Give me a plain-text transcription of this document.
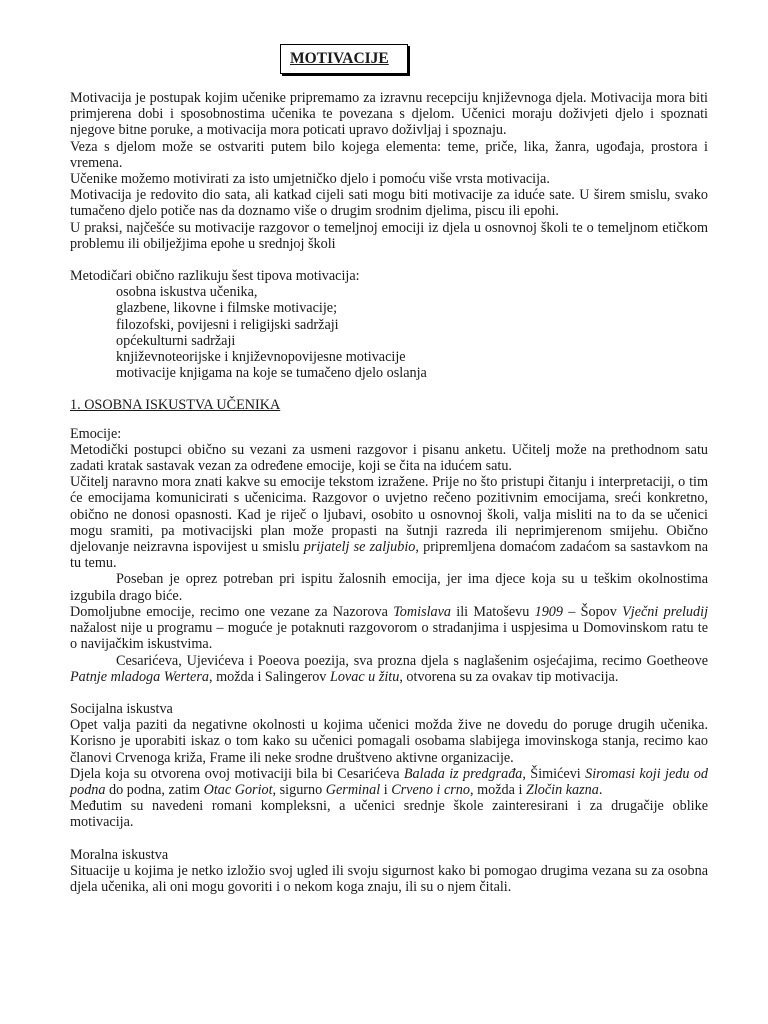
MOTIVACIJE

Motivacija je postupak kojim učenike pripremamo za izravnu recepciju književnoga djela. Motivacija mora biti primjerena dobi i sposobnostima učenika te povezana s djelom. Učenici moraju doživjeti djelo i spoznati njegove bitne poruke, a motivacija mora poticati upravo doživljaj i spoznaju.

Veza s djelom može se ostvariti putem bilo kojega elementa: teme, priče, lika, žanra, ugođaja, prostora i vremena.

Učenike možemo motivirati za isto umjetničko djelo i pomoću više vrsta motivacija.

Motivacija je redovito dio sata, ali katkad cijeli sati mogu biti motivacije za iduće sate. U širem smislu, svako tumačeno djelo potiče nas da doznamo više o drugim srodnim djelima, piscu ili epohi.

U praksi, najčešće su motivacije razgovor o temeljnoj emociji iz djela u osnovnoj školi te o temeljnom etičkom problemu ili obilježjima epohe u srednjoj školi

Metodičari obično razlikuju šest tipova motivacija:

osobna iskustva učenika,
glazbene, likovne i filmske motivacije;
filozofski, povijesni i religijski sadržaji
općekulturni sadržaji
književnoteorijske i književnopovijesne motivacije
motivacije knjigama na koje se tumačeno djelo oslanja
1. OSOBNA ISKUSTVA UČENIKA

Emocije:

Metodički postupci obično su vezani za usmeni razgovor i pisanu anketu. Učitelj može na prethodnom satu zadati kratak sastavak vezan za određene emocije, koji se čita na idućem satu.

Učitelj naravno mora znati kakve su emocije tekstom izražene. Prije no što pristupi čitanju i interpretaciji, o tim će emocijama komunicirati s učenicima. Razgovor o uvjetno rečeno pozitivnim emocijama, sreći konkretno, obično ne donosi opasnosti. Kad je riječ o ljubavi, osobito u osnovnoj školi, valja misliti na to da se učenici mogu sramiti, pa motivacijski plan može propasti na šutnji razreda ili neprimjerenom smijehu. Obično djelovanje neizravna ispovijest u smislu prijatelj se zaljubio, pripremljena domaćom zadaćom sa sastavkom na tu temu.

Poseban je oprez potreban pri ispitu žalosnih emocija, jer ima djece koja su u teškim okolnostima izgubila drago biće.

Domoljubne emocije, recimo one vezane za Nazorova Tomislava ili Matoševu 1909 – Šopov Vječni preludij nažalost nije u programu – moguće je potaknuti razgovorom o stradanjima i uspjesima u Domovinskom ratu te o navijačkim iskustvima.

Cesarićeva, Ujevićeva i Poeova poezija, sva prozna djela s naglašenim osjećajima, recimo Goetheove Patnje mladoga Wertera, možda i Salingerov Lovac u žitu, otvorena su za ovakav tip motivacija.

Socijalna iskustva

Opet valja paziti da negativne okolnosti u kojima učenici možda žive ne dovedu do poruge drugih učenika. Korisno je uporabiti iskaz o tom kako su učenici pomagali osobama slabijega imovinskoga stanja, recimo kao članovi Crvenoga križa, Frame ili neke srodne društveno aktivne organizacije.

Djela koja su otvorena ovoj motivaciji bila bi Cesarićeva Balada iz predgrađa, Šimićevi Siromasi koji jedu od podna do podna, zatim Otac Goriot, sigurno Germinal i Crveno i crno, možda i Zločin kazna.

Međutim su navedeni romani kompleksni, a učenici srednje škole zainteresirani i za drugačije oblike motivacija.

Moralna iskustva

Situacije u kojima je netko izložio svoj ugled ili svoju sigurnost kako bi pomogao drugima vezana su za osobna djela učenika, ali oni mogu govoriti i o nekom koga znaju, ili su o njem čitali.
